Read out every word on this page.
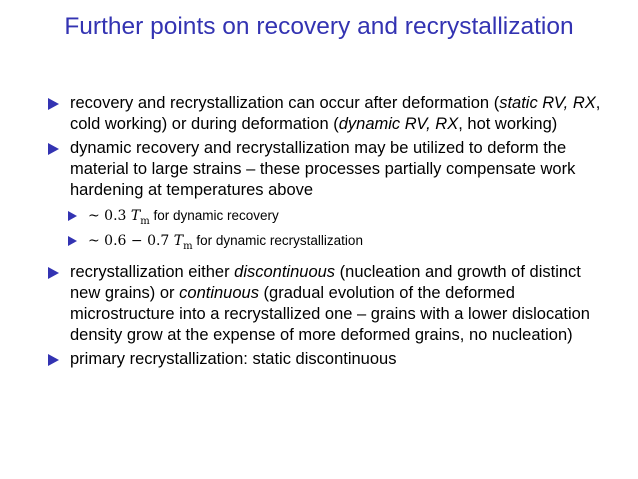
Further points on recovery and recrystallization
recovery and recrystallization can occur after deformation (static RV, RX, cold working) or during deformation (dynamic RV, RX, hot working)
dynamic recovery and recrystallization may be utilized to deform the material to large strains – these processes partially compensate work hardening at temperatures above
~ 0.3 $T_m$ for dynamic recovery
~ 0.6 − 0.7 $T_m$ for dynamic recrystallization
recrystallization either discontinuous (nucleation and growth of distinct new grains) or continuous (gradual evolution of the deformed microstructure into a recrystallized one – grains with a lower dislocation density grow at the expense of more deformed grains, no nucleation)
primary recrystallization: static discontinuous
